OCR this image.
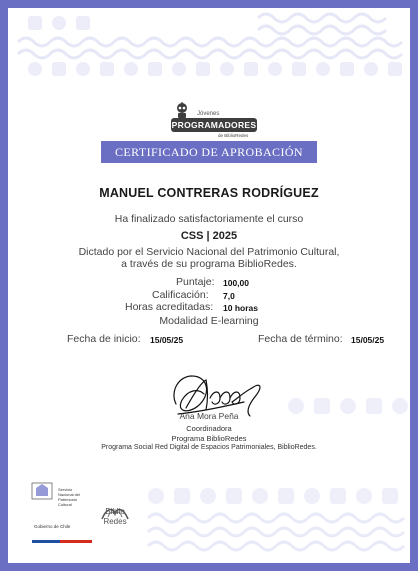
Jóvenes
PROGRAMADORES
de BiblioRedes
CERTIFICADO DE APROBACIÓN
MANUEL CONTRERAS RODRÍGUEZ
Ha finalizado satisfactoriamente el curso
CSS | 2025
Dictado por el Servicio Nacional del Patrimonio Cultural,
a través de su programa BiblioRedes.
Puntaje: 100,00
Calificación: 7,0
Horas acreditadas: 10 horas
Modalidad E-learning
Fecha de inicio: 15/05/25	Fecha de término: 15/05/25
Ana Mora Peña
Coordinadora
Programa BiblioRedes
Programa Social Red Digital de Espacios Patrimoniales, BiblioRedes.
Servicio
Nacional del
Patrimonio
Cultural
Gobierno de Chile
Biblio
Redes
